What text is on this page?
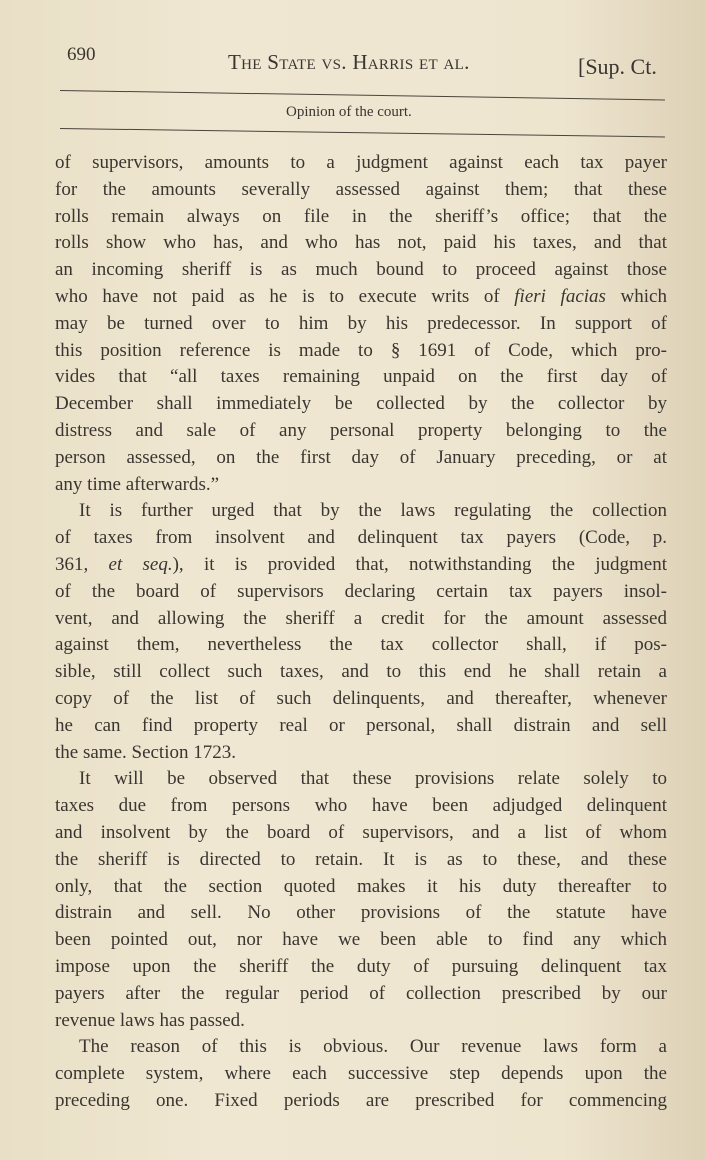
690	The State vs. Harris et al.	[Sup. Ct.
Opinion of the court.
of supervisors, amounts to a judgment against each tax payer
for the amounts severally assessed against them; that these
rolls remain always on file in the sheriff’s office; that the
rolls show who has, and who has not, paid his taxes, and that
an incoming sheriff is as much bound to proceed against those
who have not paid as he is to execute writs of fieri facias which
may be turned over to him by his predecessor. In support of
this position reference is made to § 1691 of Code, which pro-
vides that “all taxes remaining unpaid on the first day of
December shall immediately be collected by the collector by
distress and sale of any personal property belonging to the
person assessed, on the first day of January preceding, or at
any time afterwards.”
It is further urged that by the laws regulating the collection
of taxes from insolvent and delinquent tax payers (Code, p.
361, et seq.), it is provided that, notwithstanding the judgment
of the board of supervisors declaring certain tax payers insol-
vent, and allowing the sheriff a credit for the amount assessed
against them, nevertheless the tax collector shall, if pos-
sible, still collect such taxes, and to this end he shall retain a
copy of the list of such delinquents, and thereafter, whenever
he can find property real or personal, shall distrain and sell
the same. Section 1723.
It will be observed that these provisions relate solely to
taxes due from persons who have been adjudged delinquent
and insolvent by the board of supervisors, and a list of whom
the sheriff is directed to retain. It is as to these, and these
only, that the section quoted makes it his duty thereafter to
distrain and sell. No other provisions of the statute have
been pointed out, nor have we been able to find any which
impose upon the sheriff the duty of pursuing delinquent tax
payers after the regular period of collection prescribed by our
revenue laws has passed.
The reason of this is obvious. Our revenue laws form a
complete system, where each successive step depends upon the
preceding one. Fixed periods are prescribed for commencing
